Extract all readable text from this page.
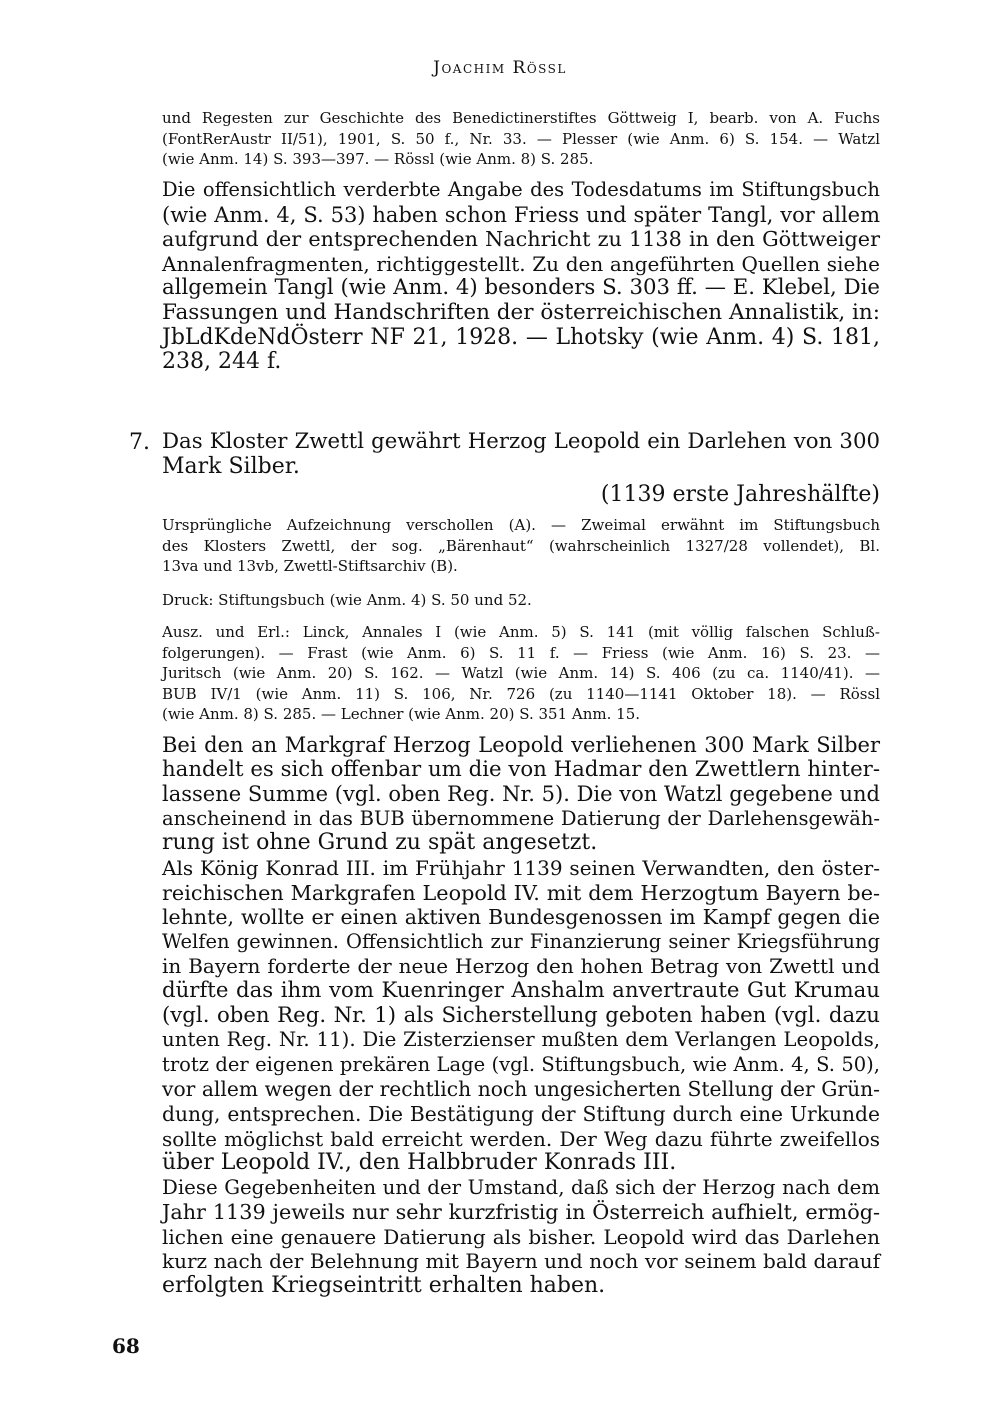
Joachim Rössl
und Regesten zur Geschichte des Benedictinerstiftes Göttweig I, bearb. von A. Fuchs
(FontRerAustr II/51), 1901, S. 50 f., Nr. 33. — Plesser (wie Anm. 6) S. 154. — Watzl
(wie Anm. 14) S. 393—397. — Rössl (wie Anm. 8) S. 285.
Die offensichtlich verderbte Angabe des Todesdatums im Stiftungsbuch
(wie Anm. 4, S. 53) haben schon Friess und später Tangl, vor allem
aufgrund der entsprechenden Nachricht zu 1138 in den Göttweiger
Annalenfragmenten, richtiggestellt. Zu den angeführten Quellen siehe
allgemein Tangl (wie Anm. 4) besonders S. 303 ff. — E. Klebel, Die
Fassungen und Handschriften der österreichischen Annalistik, in:
JbLdKdeNdÖsterr NF 21, 1928. — Lhotsky (wie Anm. 4) S. 181,
238, 244 f.
7. Das Kloster Zwettl gewährt Herzog Leopold ein Darlehen von 300
Mark Silber.
(1139 erste Jahreshälfte)
Ursprüngliche Aufzeichnung verschollen (A). — Zweimal erwähnt im Stiftungsbuch
des Klosters Zwettl, der sog. „Bärenhaut“ (wahrscheinlich 1327/28 vollendet), Bl.
13va und 13vb, Zwettl-Stiftsarchiv (B).
Druck: Stiftungsbuch (wie Anm. 4) S. 50 und 52.
Ausz. und Erl.: Linck, Annales I (wie Anm. 5) S. 141 (mit völlig falschen Schluß-
folgerungen). — Frast (wie Anm. 6) S. 11 f. — Friess (wie Anm. 16) S. 23. —
Juritsch (wie Anm. 20) S. 162. — Watzl (wie Anm. 14) S. 406 (zu ca. 1140/41). —
BUB IV/1 (wie Anm. 11) S. 106, Nr. 726 (zu 1140—1141 Oktober 18). — Rössl
(wie Anm. 8) S. 285. — Lechner (wie Anm. 20) S. 351 Anm. 15.
Bei den an Markgraf Herzog Leopold verliehenen 300 Mark Silber
handelt es sich offenbar um die von Hadmar den Zwettlern hinter-
lassene Summe (vgl. oben Reg. Nr. 5). Die von Watzl gegebene und
anscheinend in das BUB übernommene Datierung der Darlehensgewäh-
rung ist ohne Grund zu spät angesetzt.
Als König Konrad III. im Frühjahr 1139 seinen Verwandten, den öster-
reichischen Markgrafen Leopold IV. mit dem Herzogtum Bayern be-
lehnte, wollte er einen aktiven Bundesgenossen im Kampf gegen die
Welfen gewinnen. Offensichtlich zur Finanzierung seiner Kriegsführung
in Bayern forderte der neue Herzog den hohen Betrag von Zwettl und
dürfte das ihm vom Kuenringer Anshalm anvertraute Gut Krumau
(vgl. oben Reg. Nr. 1) als Sicherstellung geboten haben (vgl. dazu
unten Reg. Nr. 11). Die Zisterzienser mußten dem Verlangen Leopolds,
trotz der eigenen prekären Lage (vgl. Stiftungsbuch, wie Anm. 4, S. 50),
vor allem wegen der rechtlich noch ungesicherten Stellung der Grün-
dung, entsprechen. Die Bestätigung der Stiftung durch eine Urkunde
sollte möglichst bald erreicht werden. Der Weg dazu führte zweifellos
über Leopold IV., den Halbbruder Konrads III.
Diese Gegebenheiten und der Umstand, daß sich der Herzog nach dem
Jahr 1139 jeweils nur sehr kurzfristig in Österreich aufhielt, ermög-
lichen eine genauere Datierung als bisher. Leopold wird das Darlehen
kurz nach der Belehnung mit Bayern und noch vor seinem bald darauf
erfolgten Kriegseintritt erhalten haben.
68
